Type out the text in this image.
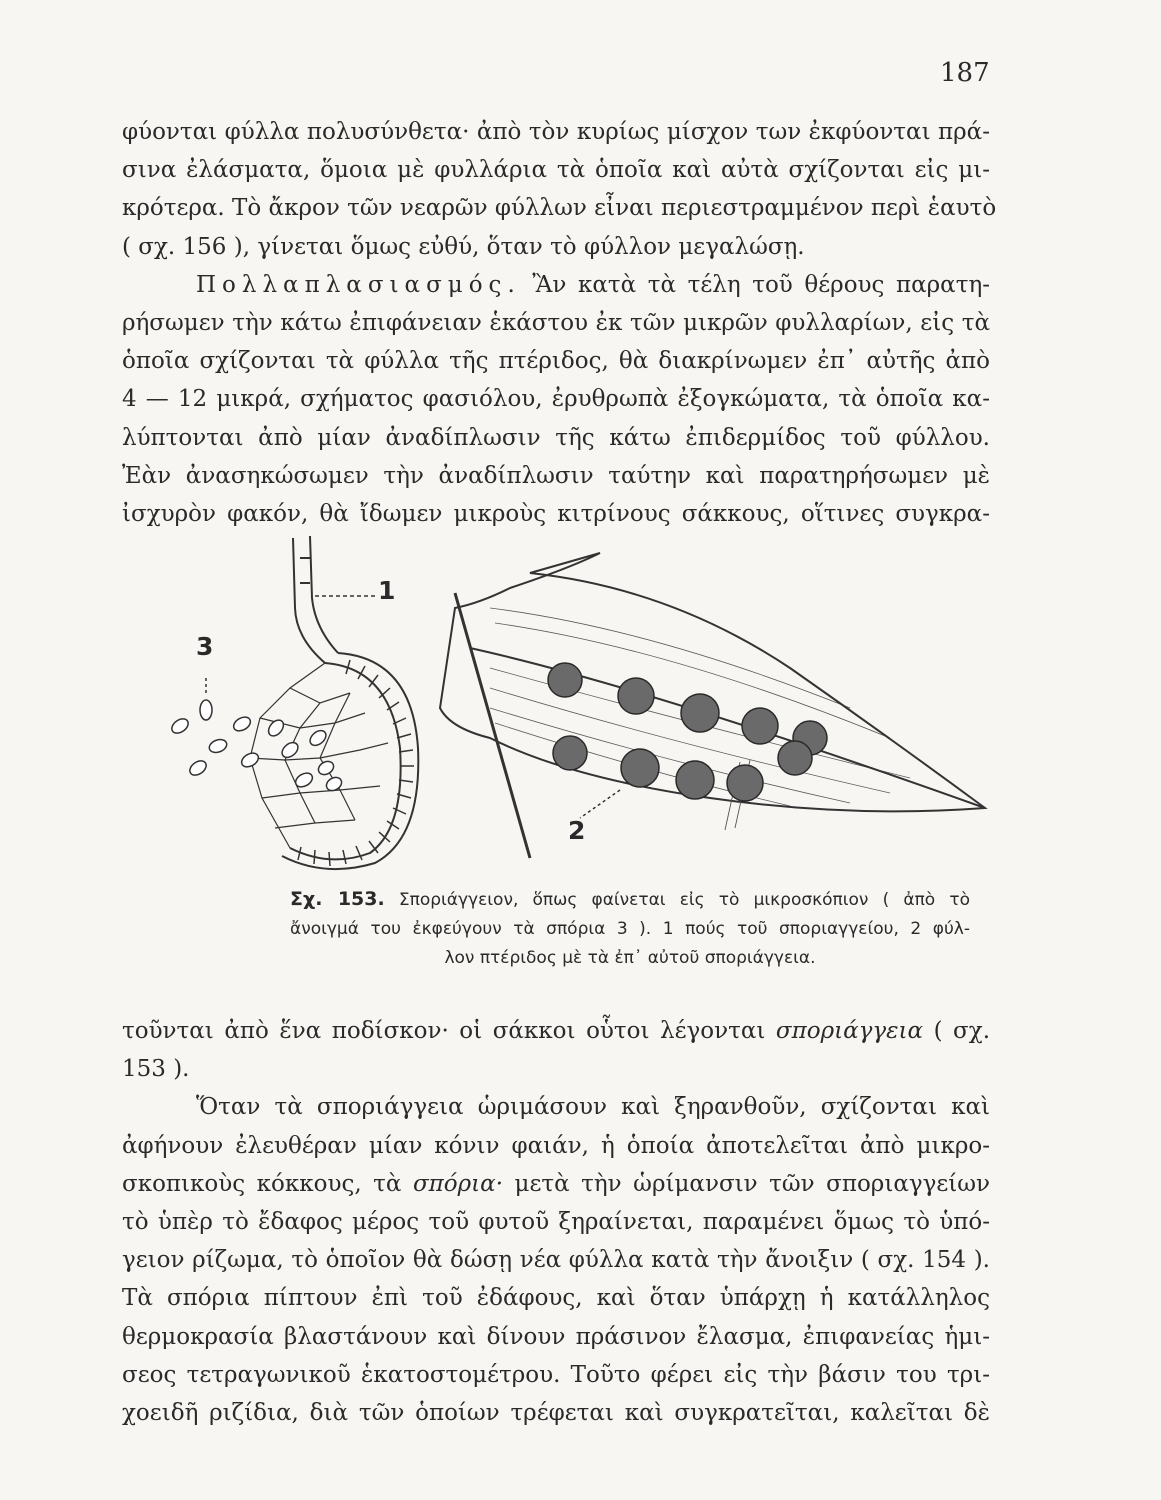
187
φύονται φύλλα πολυσύνθετα· ἀπὸ τὸν κυρίως μίσχον των ἐκφύονται πρά-
σινα ἐλάσματα, ὅμοια μὲ φυλλάρια τὰ ὁποῖα καὶ αὐτὰ σχίζονται εἰς μι-
κρότερα. Τὸ ἄκρον τῶν νεαρῶν φύλλων εἶναι περιεστραμμένον περὶ ἑαυτὸ
( σχ. 156 ), γίνεται ὅμως εὐθύ, ὅταν τὸ φύλλον μεγαλώσῃ.
Πολλαπλασιασμός. Ἂν κατὰ τὰ τέλη τοῦ θέρους παρατη-
ρήσωμεν τὴν κάτω ἐπιφάνειαν ἑκάστου ἐκ τῶν μικρῶν φυλλαρίων, εἰς τὰ
ὁποῖα σχίζονται τὰ φύλλα τῆς πτέριδος, θὰ διακρίνωμεν ἐπ᾽ αὐτῆς ἀπὸ
4 — 12 μικρά, σχήματος φασιόλου, ἐρυθρωπὰ ἐξογκώματα, τὰ ὁποῖα κα-
λύπτονται ἀπὸ μίαν ἀναδίπλωσιν τῆς κάτω ἐπιδερμίδος τοῦ φύλλου.
Ἐὰν ἀνασηκώσωμεν τὴν ἀναδίπλωσιν ταύτην καὶ παρατηρήσωμεν μὲ
ἰσχυρὸν φακόν, θὰ ἴδωμεν μικροὺς κιτρίνους σάκκους, οἵτινες συγκρα-
1
2
3
Σχ. 153. Σποριάγγειον, ὅπως φαίνεται εἰς τὸ μικροσκόπιον ( ἀπὸ τὸ
ἄνοιγμά του ἐκφεύγουν τὰ σπόρια 3 ). 1 πούς τοῦ σποριαγγείου, 2 φύλ-
λον πτέριδος μὲ τὰ ἐπ᾽ αὐτοῦ σποριάγγεια.
τοῦνται ἀπὸ ἕνα ποδίσκον· οἱ σάκκοι οὗτοι λέγονται σποριάγγεια ( σχ.
153 ).
Ὅταν τὰ σποριάγγεια ὡριμάσουν καὶ ξηρανθοῦν, σχίζονται καὶ
ἀφήνουν ἐλευθέραν μίαν κόνιν φαιάν, ἡ ὁποία ἀποτελεῖται ἀπὸ μικρο-
σκοπικοὺς κόκκους, τὰ σπόρια· μετὰ τὴν ὡρίμανσιν τῶν σποριαγγείων
τὸ ὑπὲρ τὸ ἔδαφος μέρος τοῦ φυτοῦ ξηραίνεται, παραμένει ὅμως τὸ ὑπό-
γειον ρίζωμα, τὸ ὁποῖον θὰ δώσῃ νέα φύλλα κατὰ τὴν ἄνοιξιν ( σχ. 154 ).
Τὰ σπόρια πίπτουν ἐπὶ τοῦ ἐδάφους, καὶ ὅταν ὑπάρχῃ ἡ κατάλληλος
θερμοκρασία βλαστάνουν καὶ δίνουν πράσινον ἔλασμα, ἐπιφανείας ἡμι-
σεος τετραγωνικοῦ ἑκατοστομέτρου. Τοῦτο φέρει εἰς τὴν βάσιν του τρι-
χοειδῆ ριζίδια, διὰ τῶν ὁποίων τρέφεται καὶ συγκρατεῖται, καλεῖται δὲ
